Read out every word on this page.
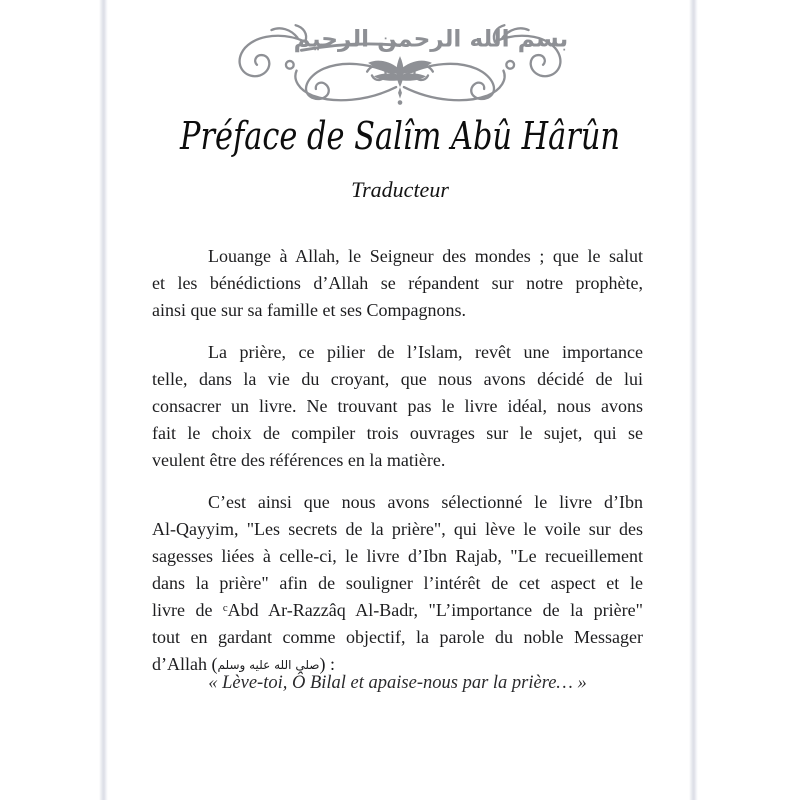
بسم الله الرحمن الرحيم
Préface de Salîm Abû Hârûn
Traducteur
Louange à Allah, le Seigneur des mondes ; que le salut
et les bénédictions d’Allah se répandent sur notre prophète,
ainsi que sur sa famille et ses Compagnons.
La prière, ce pilier de l’Islam, revêt une importance
telle, dans la vie du croyant, que nous avons décidé de lui
consacrer un livre. Ne trouvant pas le livre idéal, nous avons
fait le choix de compiler trois ouvrages sur le sujet, qui se
veulent être des références en la matière.
C’est ainsi que nous avons sélectionné le livre d’Ibn
Al-Qayyim, "Les secrets de la prière", qui lève le voile sur des
sagesses liées à celle-ci, le livre d’Ibn Rajab, "Le recueillement
dans la prière" afin de souligner l’intérêt de cet aspect et le
livre de ᶜAbd Ar-Razzâq Al-Badr, "L’importance de la prière"
tout en gardant comme objectif, la parole du noble Messager
d’Allah (صلى الله عليه وسلم) :
« Lève-toi, Ô Bilal et apaise-nous par la prière… »
